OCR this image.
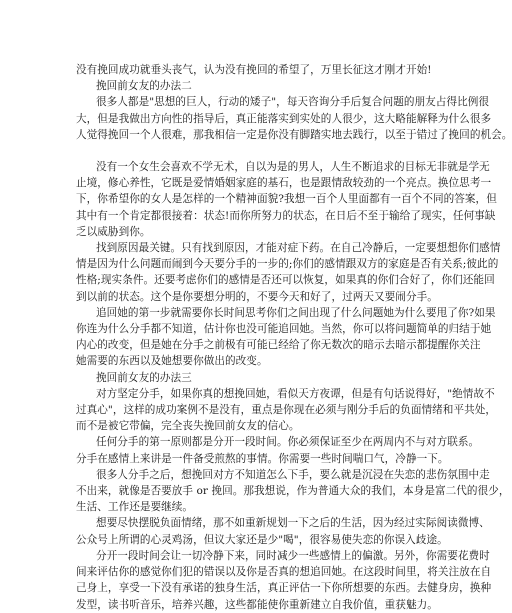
没有挽回成功就垂头丧气，认为没有挽回的希望了，万里长征这才刚才开始!
挽回前女友的办法二
很多人都是"思想的巨人，行动的矮子"，每天咨询分手后复合问题的朋友占得比例很
大，但是我做出方向性的指导后，真正能落实到实处的人很少，这大略能解释为什么很多
人觉得挽回一个人很难，那我相信一定是你没有脚踏实地去践行，以至于错过了挽回的机会。
没有一个女生会喜欢不学无术，自以为是的男人，人生不断追求的目标无非就是学无
止境，修心养性，它既是爱情婚姻家庭的基石，也是跟情敌较劲的一个亮点。换位思考一
下，你希望你的女人是怎样的一个精神面貌?我想一百个人里面都有一百个不同的答案，但
其中有一个肯定都很接着：状态!而你所努力的状态，在日后不至于输给了现实，任何事缺
乏以威胁到你。
找到原因最关键。只有找到原因，才能对症下药。在自己冷静后，一定要想想你们感情
情是因为什么问题而闹到今天要分手的一步的;你们的感情跟双方的家庭是否有关系;彼此的
性格;现实条件。还要考虑你们的感情是否还可以恢复，如果真的你们合好了，你们还能回
到以前的状态。这个是你要想分明的，不要今天和好了，过两天又要闹分手。
追回她的第一步就需要你长时间思考你们之间出现了什么问题她为什么要甩了你?如果
你连为什么分手都不知道，估计你也没可能追回她。当然，你可以将问题简单的归结于她
内心的改变，但是她在分手之前极有可能已经给了你无数次的暗示去暗示都提醒你关注
她需要的东西以及她想要你做出的改变。
挽回前女友的办法三
对方坚定分手，如果你真的想挽回她，看似天方夜谭，但是有句话说得好，"绝情故不
过真心"，这样的成功案例不是没有，重点是你现在必须与刚分手后的负面情绪和平共处，
而不是被它带偏，完全丧失挽回前女友的信心。
任何分手的第一原则都是分开一段时间。你必须保证至少在两周内不与对方联系。
分手在感情上来讲是一件备受煎熬的事情。你需要一些时间喘口气，冷静一下。
很多人分手之后，想挽回对方不知道怎么下手，要么就是沉浸在失恋的悲伤氛围中走
不出来，就像是否要放手 or 挽回。那我想说，作为普通大众的我们，本身是富二代的很少，
生活、工作还是要继续。
想要尽快摆脱负面情绪，那不如重新规划一下之后的生活，因为经过实际阅读微博、
公众号上所谓的心灵鸡汤，但议大家还是少"喝"，很容易使失恋的你误入歧途。
分开一段时间会让一切冷静下来，同时减少一些感情上的偏激。另外，你需要花费时
间来评估你的感觉你们犯的错误以及你是否真的想追回她。在这段时间里，将关注放在自
己身上，享受一下没有承诺的独身生活，真正评估一下你所想要的东西。去健身房，换种
发型，读书听音乐，培养兴趣，这些都能使你重新建立自我价值，重获魅力。
